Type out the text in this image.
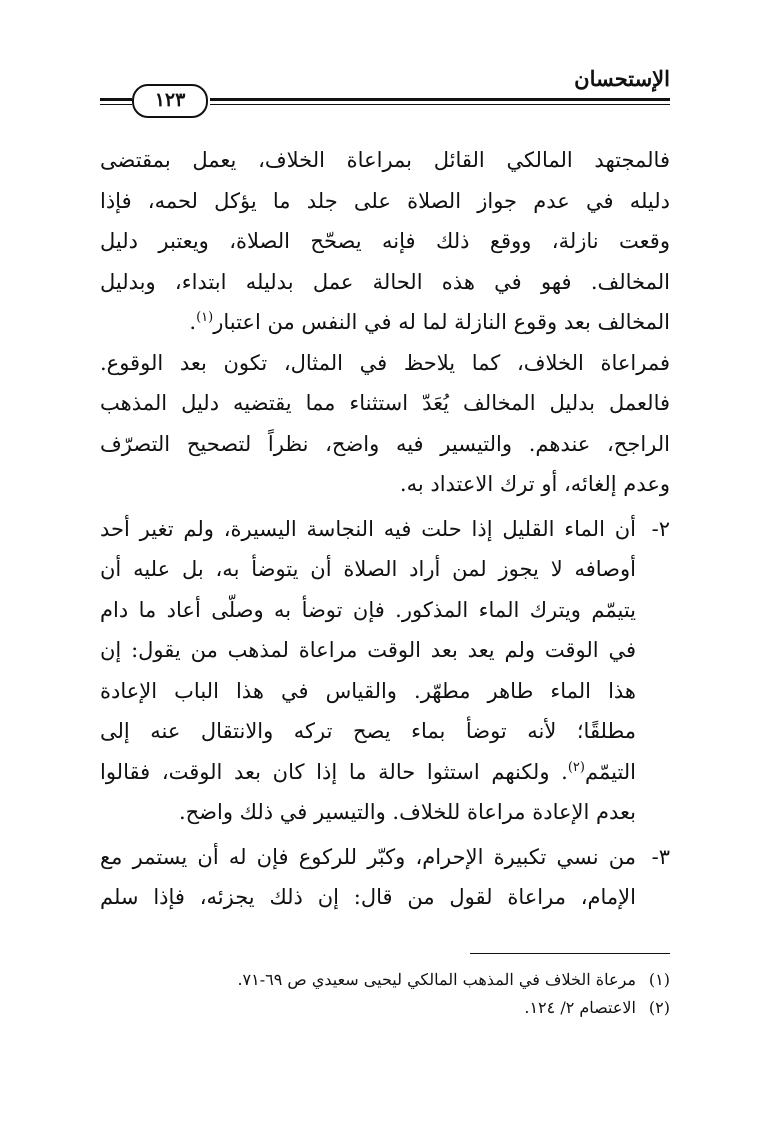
الإستحسان
١٢٣
فالمجتهد المالكي القائل بمراعاة الخلاف، يعمل بمقتضى
دليله في عدم جواز الصلاة على جلد ما يؤكل لحمه، فإذا
وقعت نازلة، ووقع ذلك فإنه يصحّح الصلاة، ويعتبر دليل
المخالف. فهو في هذه الحالة عمل بدليله ابتداء، وبدليل
المخالف بعد وقوع النازلة لما له في النفس من اعتبار$^{(١)}$.
فمراعاة الخلاف، كما يلاحظ في المثال، تكون بعد الوقوع.
فالعمل بدليل المخالف يُعَدّ استثناء مما يقتضيه دليل المذهب
الراجح، عندهم. والتيسير فيه واضح، نظراً لتصحيح التصرّف
وعدم إلغائه، أو ترك الاعتداد به.
٢-
أن الماء القليل إذا حلت فيه النجاسة اليسيرة، ولم تغير أحد
أوصافه لا يجوز لمن أراد الصلاة أن يتوضأ به، بل عليه أن
يتيمّم ويترك الماء المذكور. فإن توضأ به وصلّى أعاد ما دام
في الوقت ولم يعد بعد الوقت مراعاة لمذهب من يقول: إن
هذا الماء طاهر مطهّر. والقياس في هذا الباب الإعادة
مطلقًا؛ لأنه توضأ بماء يصح تركه والانتقال عنه إلى
التيمّم$^{(٢)}$. ولكنهم استثوا حالة ما إذا كان بعد الوقت، فقالوا
بعدم الإعادة مراعاة للخلاف. والتيسير في ذلك واضح.
٣-
من نسي تكبيرة الإحرام، وكبّر للركوع فإن له أن يستمر مع
الإمام، مراعاة لقول من قال: إن ذلك يجزئه، فإذا سلم
(١)مرعاة الخلاف في المذهب المالكي ليحيى سعيدي ص ٦٩-٧١.
(٢)الاعتصام ٢/ ١٢٤.
